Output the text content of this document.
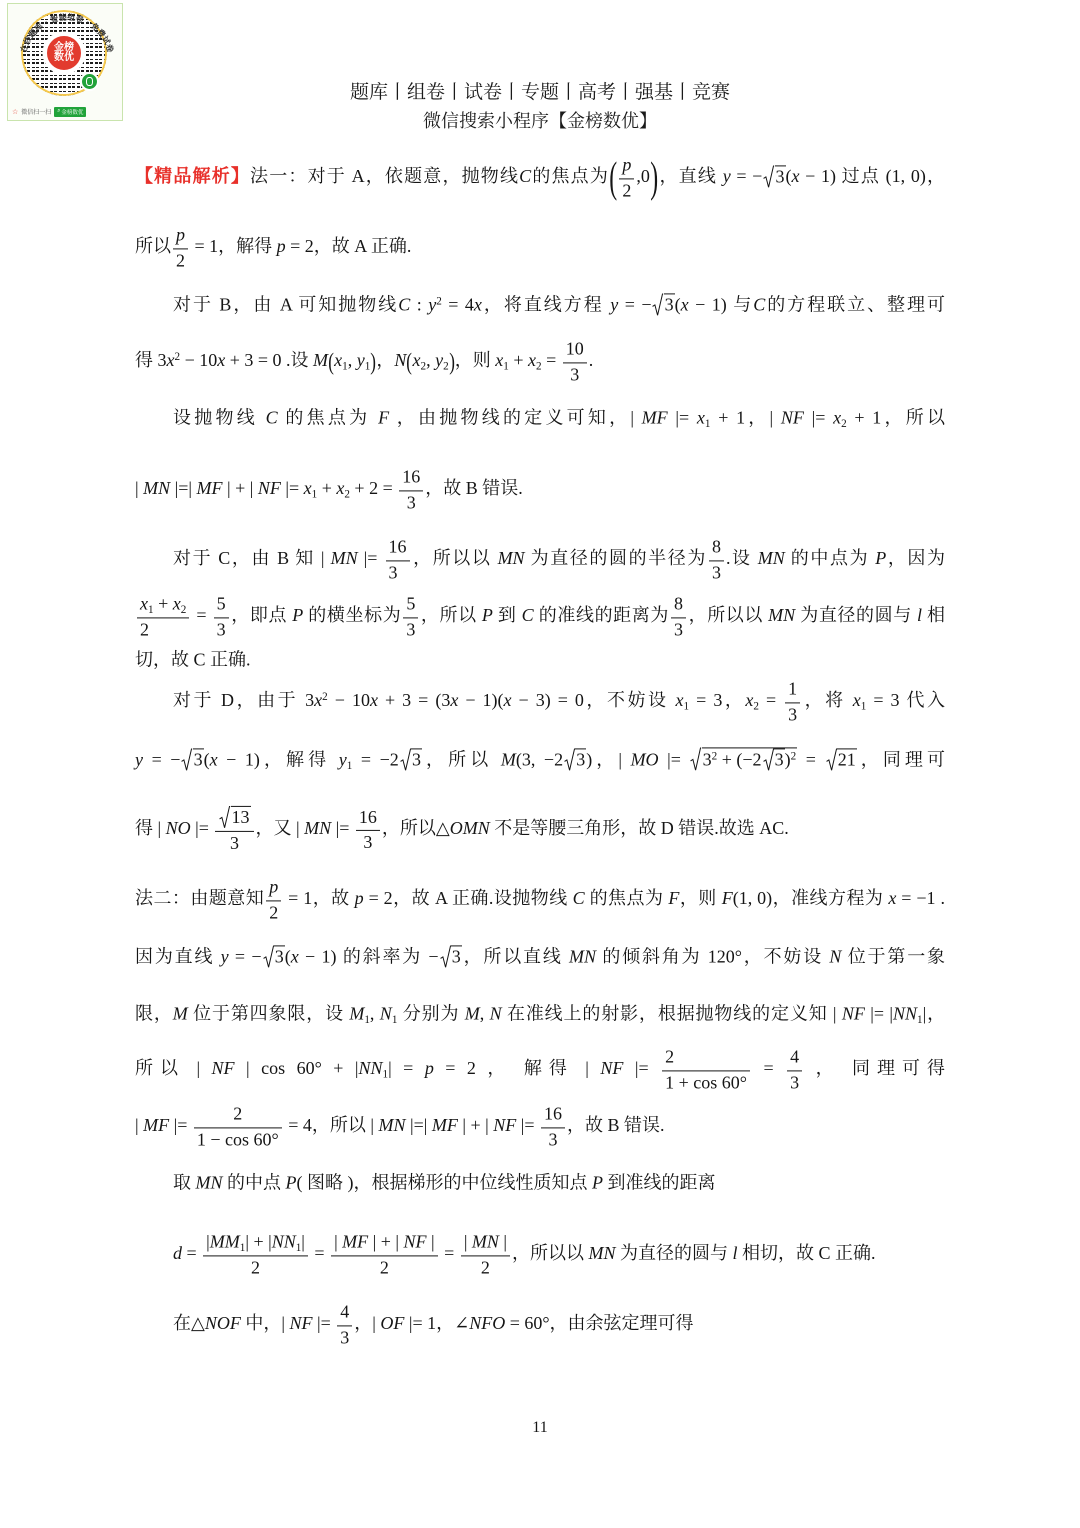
金榜
数优
在线题库 · 智能组卷 · 免费试卷
☆ 微信扫一扫 ⌕ 金榜数优
题库丨组卷丨试卷丨专题丨高考丨强基丨竞赛
微信搜索小程序【金榜数优】
【精品解析】法一：对于 A，依题意，抛物线C的焦点为( $\frac{p}{2} ,0$)，直线 y = − 3(x − 1) 过点 (1, 0)，
所以 $\frac{p}{2} = 1$，解得 p = 2，故 A 正确.
对于 B，由 A 可知抛物线C : $y^2 = 4x$，将直线方程 y = − 3(x − 1) 与C的方程联立、整理可
得 $3x^2 - 10x + 3 = 0$ .设 $M(x_1$, $y_1$)，$N(x_2$, $y_2$)，则 $x_1 + x_2 = \frac{10}{3}$ .
设抛物线 C 的焦点为 F ，由抛物线的定义可知，| MF |= $x_1 + 1$，| NF |= $x_2 + 1$，所以
| MN |=| MF | + | NF |= $x_1 + x_2 + 2 = \frac{16}{3}$ ，故 B 错误.
对于 C，由 B 知 | MN |= $\frac{16}{3}$ ，所以以 MN 为直径的圆的半径为 $\frac{8}{3}$ .设 MN 的中点为 P，因为
$\frac{x_1 + x_2}{2} = \frac{5}{3}$ ，即点 P 的横坐标为 $\frac{5}{3}$ ，所以 P 到 C 的准线的距离为 $\frac{8}{3}$ ，所以以 MN 为直径的圆与 l 相
切，故 C 正确.
对于 D，由于 $3x^2 - 10x + 3 = (3x - 1)(x - 3) = 0$，不妨设 $x_1 = 3$，$x_2 = \frac{1}{3}$ ，将 $x_1 = 3$ 代入
y = − 3(x − 1)，解得 $y_1 = -2$ 3，所以 M(3, −2 3)，| MO |=
$3^2 + (-2$ 3)$^2$ =
21，同理可
得 | NO |= $\frac{13}{3}$ ，又 | MN |= $\frac{16}{3}$ ，所以△OMN 不是等腰三角形，故 D 错误.故选 AC.
法二：由题意知 $\frac{p}{2} = 1$，故 p = 2，故 A 正确.设抛物线 C 的焦点为 F，则 F(1, 0)，准线方程为 x = −1 .
因为直线 y = − 3(x − 1) 的斜率为 − 3，所以直线 MN 的倾斜角为 120°，不妨设 N 位于第一象
限，M 位于第四象限，设 $M_1$, $N_1$ 分别为 M, N 在准线上的射影，根据抛物线的定义知 | NF |= $|NN_1|$，
所以 | NF | $\cos 60^\circ + |NN_1| = p = 2$ ， 解得 | NF |= $\frac{2}{1 + \cos 60^\circ} = \frac{4}{3}$ ， 同理可得
| MF |= $\frac{2}{1 - \cos 60^\circ} = 4$，所以 | MN |=| MF | + | NF |= $\frac{16}{3}$ ，故 B 错误.
取 MN 的中点 P( 图略 )，根据梯形的中位线性质知点 P 到准线的距离
$d = \frac{|MM_1| + |NN_1|}{2} = \frac{| MF | + | NF |}{2} = \frac{| MN |}{2}$ ，所以以 MN 为直径的圆与 l 相切，故 C 正确.
在△NOF 中，| NF |= $\frac{4}{3}$ ，| OF |= 1，∠NFO = 60°，由余弦定理可得
11
